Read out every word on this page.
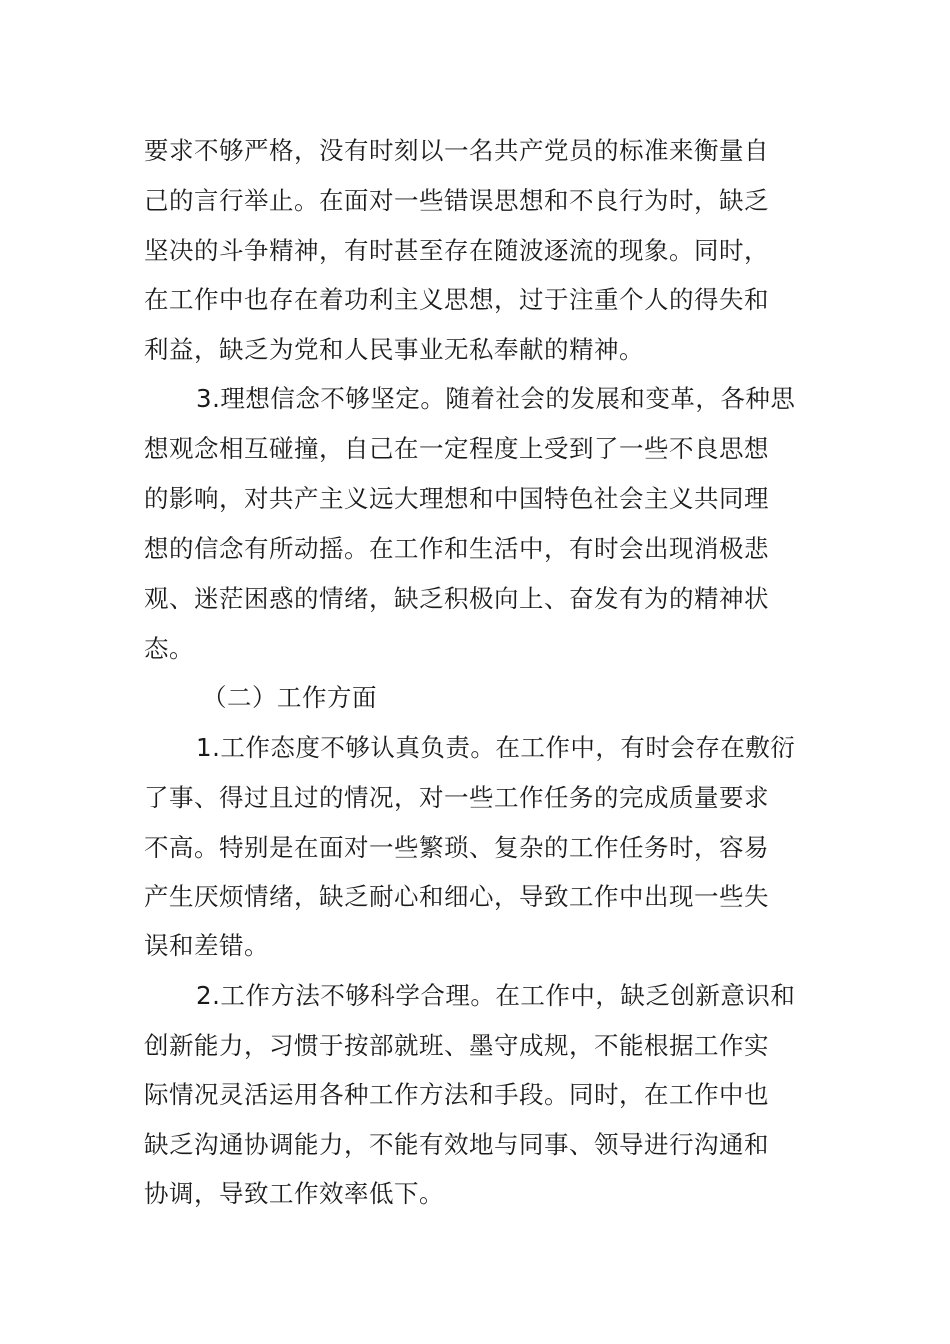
要求不够严格，没有时刻以一名共产党员的标准来衡量自
己的言行举止。在面对一些错误思想和不良行为时，缺乏
坚决的斗争精神，有时甚至存在随波逐流的现象。同时，
在工作中也存在着功利主义思想，过于注重个人的得失和
利益，缺乏为党和人民事业无私奉献的精神。
3.理想信念不够坚定。随着社会的发展和变革，各种思
想观念相互碰撞，自己在一定程度上受到了一些不良思想
的影响，对共产主义远大理想和中国特色社会主义共同理
想的信念有所动摇。在工作和生活中，有时会出现消极悲
观、迷茫困惑的情绪，缺乏积极向上、奋发有为的精神状
态。
（二）工作方面
1.工作态度不够认真负责。在工作中，有时会存在敷衍
了事、得过且过的情况，对一些工作任务的完成质量要求
不高。特别是在面对一些繁琐、复杂的工作任务时，容易
产生厌烦情绪，缺乏耐心和细心，导致工作中出现一些失
误和差错。
2.工作方法不够科学合理。在工作中，缺乏创新意识和
创新能力，习惯于按部就班、墨守成规，不能根据工作实
际情况灵活运用各种工作方法和手段。同时，在工作中也
缺乏沟通协调能力，不能有效地与同事、领导进行沟通和
协调，导致工作效率低下。
